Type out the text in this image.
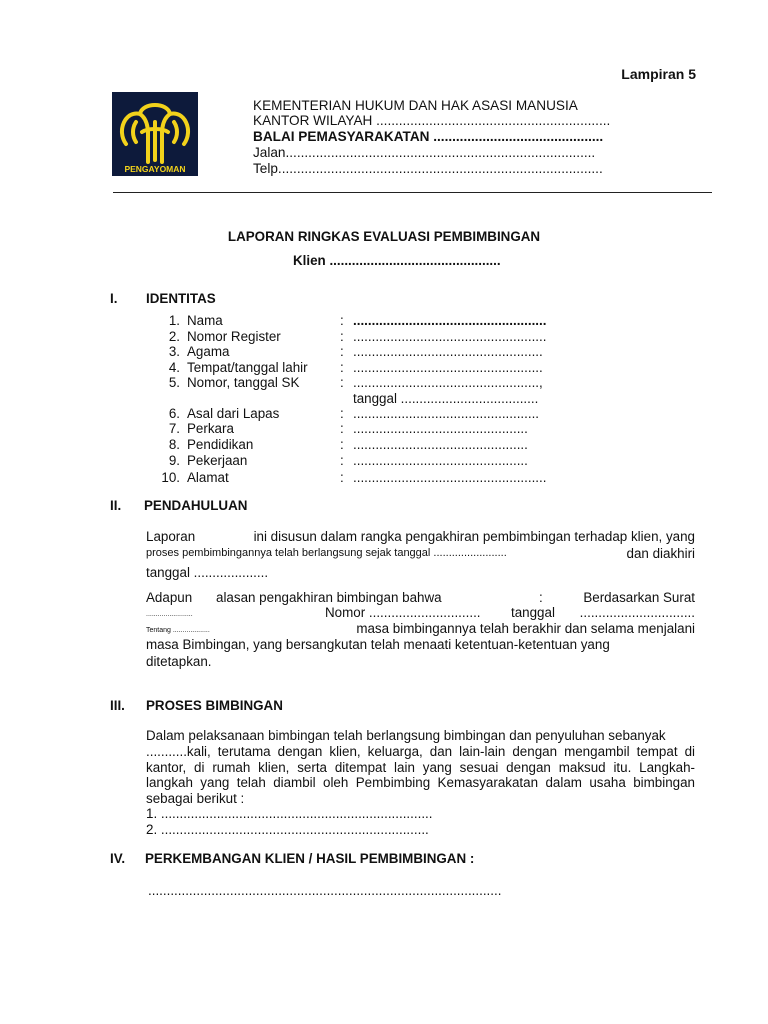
Lampiran 5
PENGAYOMAN
KEMENTERIAN HUKUM DAN HAK ASASI MANUSIA
KANTOR WILAYAH ..............................................................
BALAI PEMASYARAKATAN .............................................
Jalan..................................................................................
Telp......................................................................................
LAPORAN RINGKAS EVALUASI PEMBIMBINGAN
Klien ..............................................
I. IDENTITAS
1. Nama	: ....................................................
2. Nomor Register	: ....................................................
3. Agama	: ...................................................
4. Tempat/tanggal lahir : ...................................................
5. Nomor, tanggal SK	: ..................................................,
tanggal .....................................
6. Asal dari Lapas	: ..................................................
7. Perkara	: ...............................................
8. Pendidikan	: ...............................................
9. Pekerjaan	: ...............................................
10. Alamat	: ....................................................
II. PENDAHULUAN
Laporan	ini disusun dalam rangka pengakhiran pembimbingan terhadap klien, yang
proses pembimbingannya telah berlangsung sejak tanggal ........................	dan diakhiri
tanggal ....................
Adapun alasan pengakhiran bimbingan bahwa	:	Berdasarkan Surat
........................	Nomor .............................. tanggal ...............................
Tentang ...................	masa bimbingannya telah berakhir dan selama menjalani
masa Bimbingan, yang bersangkutan telah menaati ketentuan-ketentuan yang
ditetapkan.
III. PROSES BIMBINGAN
Dalam pelaksanaan bimbingan telah berlangsung bimbingan dan penyuluhan sebanyak
...........kali, terutama dengan klien, keluarga, dan lain-lain dengan mengambil tempat di
kantor, di rumah klien, serta ditempat lain yang sesuai dengan maksud itu. Langkah-
langkah yang telah diambil oleh Pembimbing Kemasyarakatan dalam usaha bimbingan
sebagai berikut :
1. .........................................................................
2. ........................................................................
IV. PERKEMBANGAN KLIEN / HASIL PEMBIMBINGAN :
...............................................................................................
